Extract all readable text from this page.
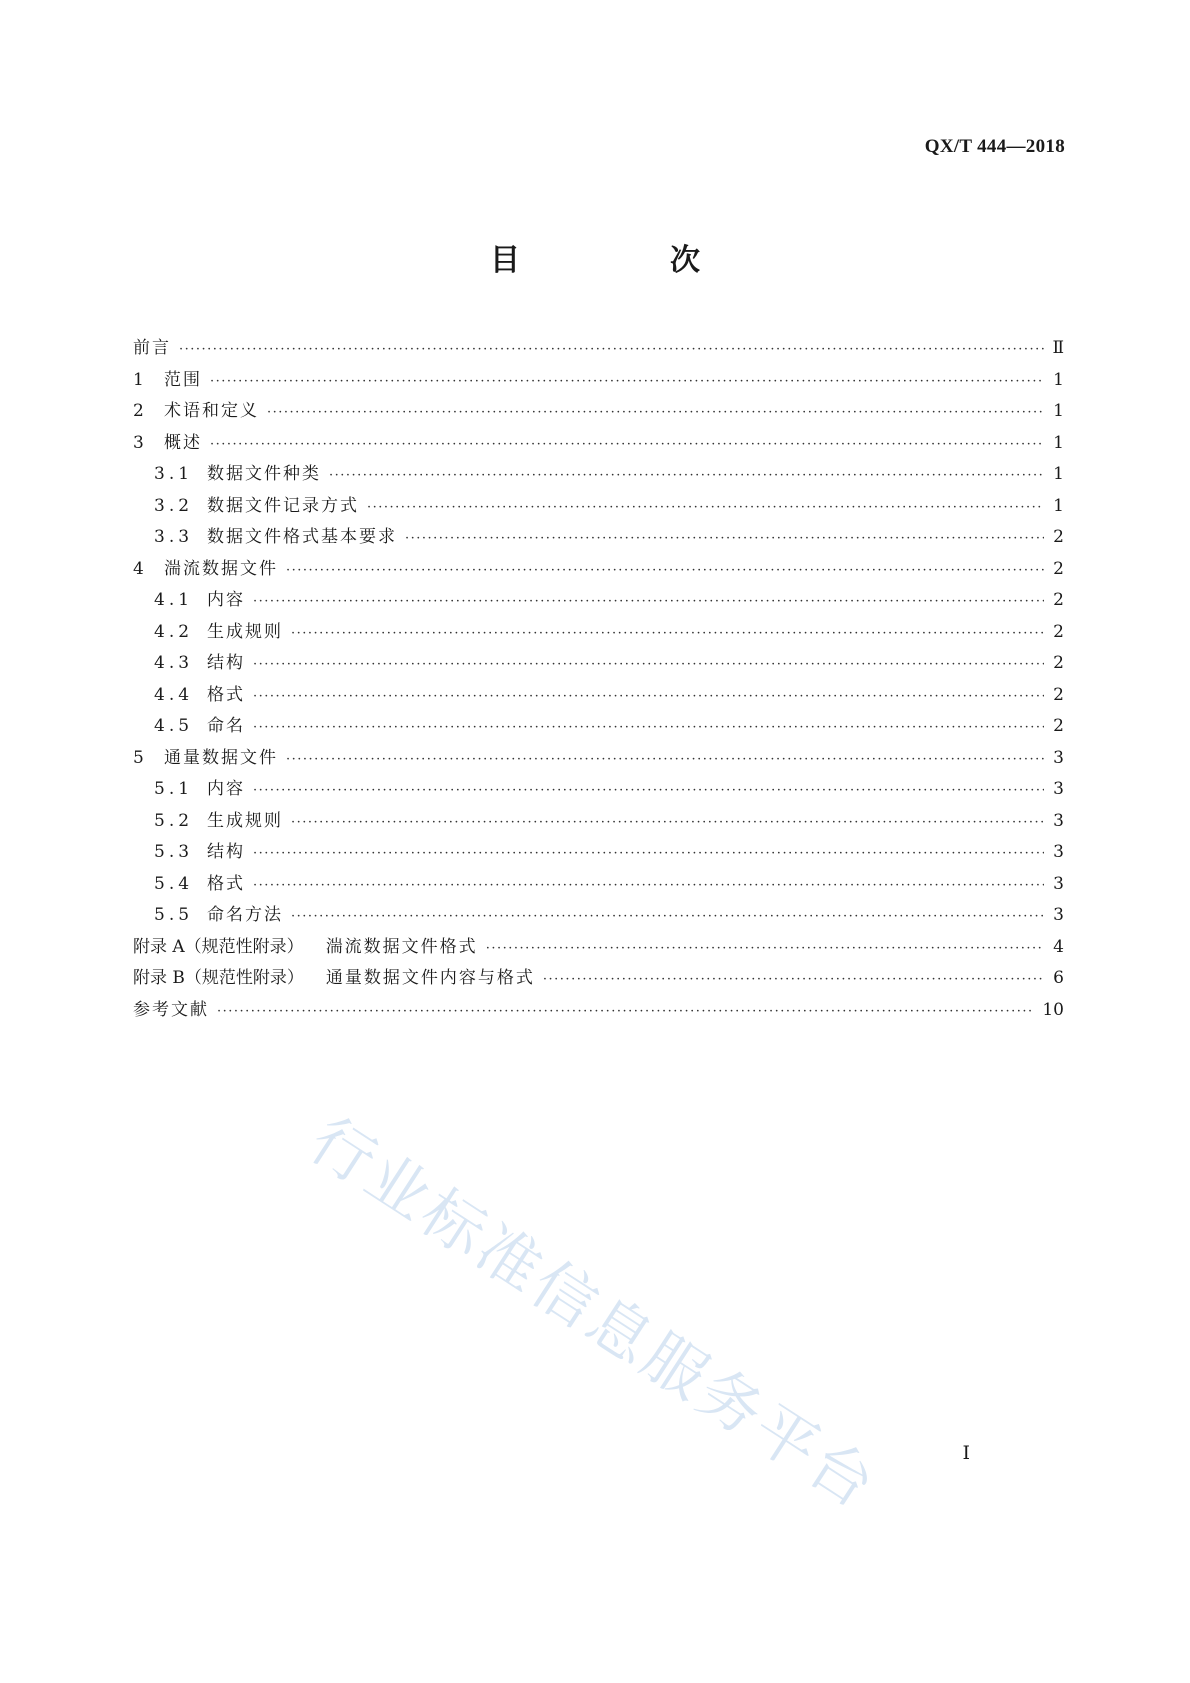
QX/T 444—2018
目　次
前言 ·····	Ⅱ
1	范围 ·····	1
2	术语和定义 ·····	1
3	概述 ·····	1
3.1 数据文件种类 ·····	1
3.2 数据文件记录方式 ·····	1
3.3 数据文件格式基本要求 ·····	2
4	湍流数据文件 ·····	2
4.1 内容 ·····	2
4.2 生成规则 ·····	2
4.3 结构 ·····	2
4.4 格式 ·····	2
4.5 命名 ·····	2
5	通量数据文件 ·····	3
5.1 内容 ·····	3
5.2 生成规则 ·····	3
5.3 结构 ·····	3
5.4 格式 ·····	3
5.5 命名方法 ·····	3
附录 A（规范性附录） 湍流数据文件格式 ·····	4
附录 B（规范性附录） 通量数据文件内容与格式 ·····	6
参考文献 ·····	10
行业标准信息服务平台	Ⅰ
